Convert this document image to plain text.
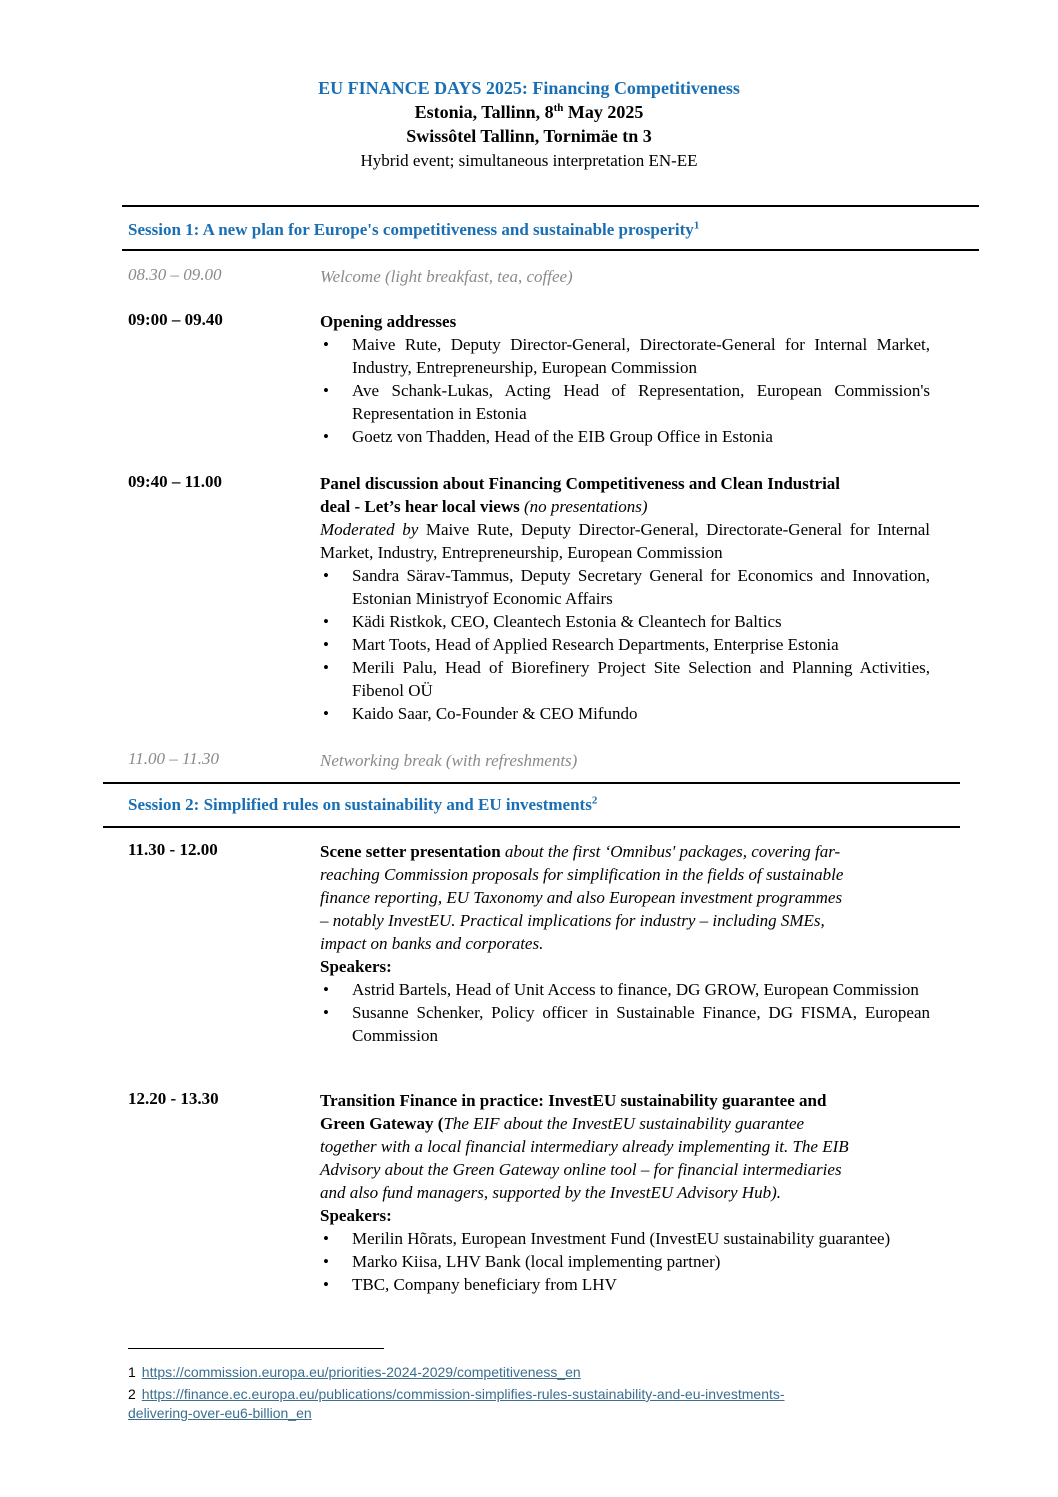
EU FINANCE DAYS 2025: Financing Competitiveness
Estonia, Tallinn, 8th May 2025
Swissôtel Tallinn, Tornimäe tn 3
Hybrid event; simultaneous interpretation EN-EE
Session 1: A new plan for Europe's competitiveness and sustainable prosperity$^1$
08.30 – 09.00	Welcome (light breakfast, tea, coffee)
09:00 – 09.40	Opening addresses
• Maive Rute, Deputy Director-General, Directorate-General for Internal Market, Industry, Entrepreneurship, European Commission
• Ave Schank-Lukas, Acting Head of Representation, European Commission's Representation in Estonia
• Goetz von Thadden, Head of the EIB Group Office in Estonia
09:40 – 11.00	Panel discussion about Financing Competitiveness and Clean Industrial
deal - Let’s hear local views (no presentations)
Moderated by Maive Rute, Deputy Director-General, Directorate-General for Internal Market, Industry, Entrepreneurship, European Commission
• Sandra Särav-Tammus, Deputy Secretary General for Economics and Innovation, Estonian Ministryof Economic Affairs
• Kädi Ristkok, CEO, Cleantech Estonia & Cleantech for Baltics
• Mart Toots, Head of Applied Research Departments, Enterprise Estonia
• Merili Palu, Head of Biorefinery Project Site Selection and Planning Activities, Fibenol OÜ
• Kaido Saar, Co-Founder & CEO Mifundo
11.00 – 11.30	Networking break (with refreshments)
Session 2: Simplified rules on sustainability and EU investments$^2$
11.30 - 12.00	Scene setter presentation about the first ‘Omnibus' packages, covering far-
reaching Commission proposals for simplification in the fields of sustainable
finance reporting, EU Taxonomy and also European investment programmes
– notably InvestEU. Practical implications for industry – including SMEs,
impact on banks and corporates.
Speakers:
• Astrid Bartels, Head of Unit Access to finance, DG GROW, European Commission
• Susanne Schenker, Policy officer in Sustainable Finance, DG FISMA, European Commission
12.20 - 13.30	Transition Finance in practice: InvestEU sustainability guarantee and
Green Gateway (The EIF about the InvestEU sustainability guarantee
together with a local financial intermediary already implementing it. The EIB
Advisory about the Green Gateway online tool – for financial intermediaries
and also fund managers, supported by the InvestEU Advisory Hub).
Speakers:
• Merilin Hõrats, European Investment Fund (InvestEU sustainability guarantee)
• Marko Kiisa, LHV Bank (local implementing partner)
• TBC, Company beneficiary from LHV
1 https://commission.europa.eu/priorities-2024-2029/competitiveness_en
2 https://finance.ec.europa.eu/publications/commission-simplifies-rules-sustainability-and-eu-investments-
delivering-over-eu6-billion_en
